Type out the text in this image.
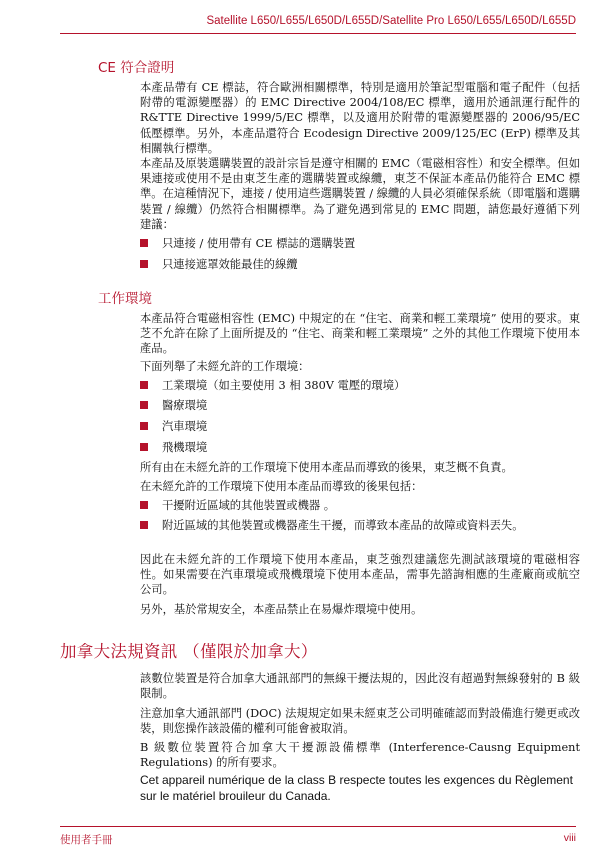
Satellite L650/L655/L650D/L655D/Satellite Pro L650/L655/L650D/L655D
CE 符合證明
本產品帶有 CE 標誌，符合歐洲相關標準，特別是適用於筆記型電腦和電子配件（包括附帶的電源變壓器）的 EMC Directive 2004/108/EC 標準，適用於通訊運行配件的 R&TTE Directive 1999/5/EC 標準，以及適用於附帶的電源變壓器的 2006/95/EC 低壓標準。另外，本產品還符合 Ecodesign Directive 2009/125/EC (ErP) 標準及其相關執行標準。
本產品及原裝選購裝置的設計宗旨是遵守相關的 EMC（電磁相容性）和安全標準。但如果連接或使用不是由東芝生產的選購裝置或線纜，東芝不保証本產品仍能符合 EMC 標準。在這種情況下，連接 / 使用這些選購裝置 / 線纜的人員必須確保系統（即電腦和選購裝置 / 線纜）仍然符合相關標準。為了避免遇到常見的 EMC 問題，請您最好遵循下列建議：
只連接 / 使用帶有 CE 標誌的選購裝置
只連接遮罩效能最佳的線纜
工作環境
本產品符合電磁相容性 (EMC) 中規定的在 “住宅、商業和輕工業環境” 使用的要求。東芝不允許在除了上面所提及的 “住宅、商業和輕工業環境” 之外的其他工作環境下使用本產品。
下面列舉了未經允許的工作環境：
工業環境（如主要使用 3 相 380V 電壓的環境）
醫療環境
汽車環境
飛機環境
所有由在未經允許的工作環境下使用本產品而導致的後果，東芝概不負責。
在未經允許的工作環境下使用本產品而導致的後果包括：
干擾附近區域的其他裝置或機器 。
附近區域的其他裝置或機器產生干擾，而導致本產品的故障或資料丟失。
因此在未經允許的工作環境下使用本產品，東芝強烈建議您先測試該環境的電磁相容性。如果需要在汽車環境或飛機環境下使用本產品，需事先諮詢相應的生產廠商或航空公司。
另外，基於常規安全，本產品禁止在易爆炸環境中使用。
加拿大法規資訊 （僅限於加拿大）
該數位裝置是符合加拿大通訊部門的無線干擾法規的，因此沒有超過對無線發射的 B 級限制。
注意加拿大通訊部門 (DOC) 法規規定如果未經東芝公司明確確認而對設備進行變更或改裝，則您操作該設備的權利可能會被取消。
B 級數位裝置符合加拿大干擾源設備標準 (Interference-Causng Equipment Regulations) 的所有要求。
Cet appareil numérique de la class B respecte toutes les exgences du Règlement sur le matériel brouileur du Canada.
使用者手冊	viii
